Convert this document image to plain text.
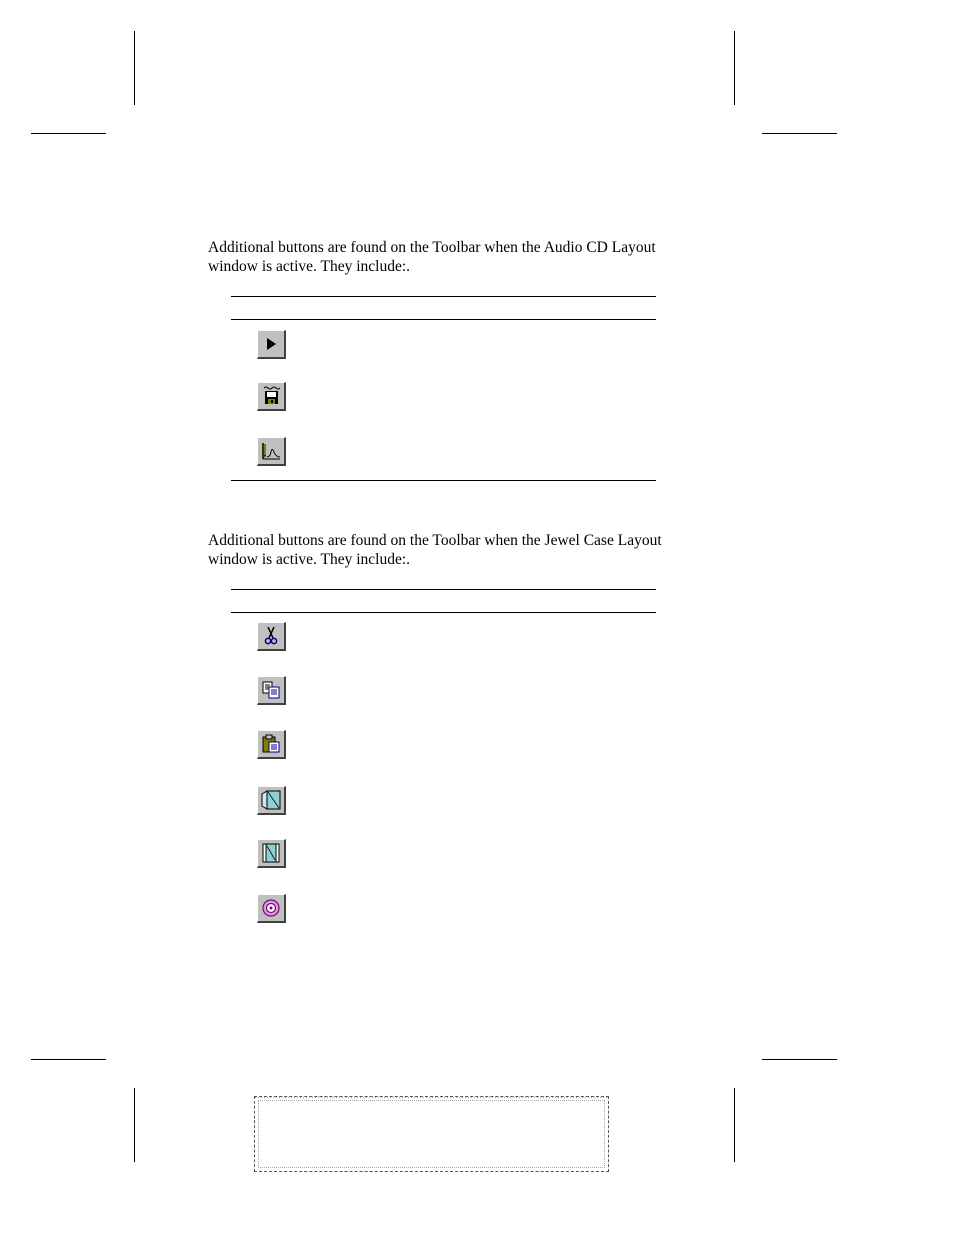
Additional buttons are found on the Toolbar when the Audio CD Layout window is active. They include:.

Additional buttons are found on the Toolbar when the Jewel Case Layout window is active. They include:.
